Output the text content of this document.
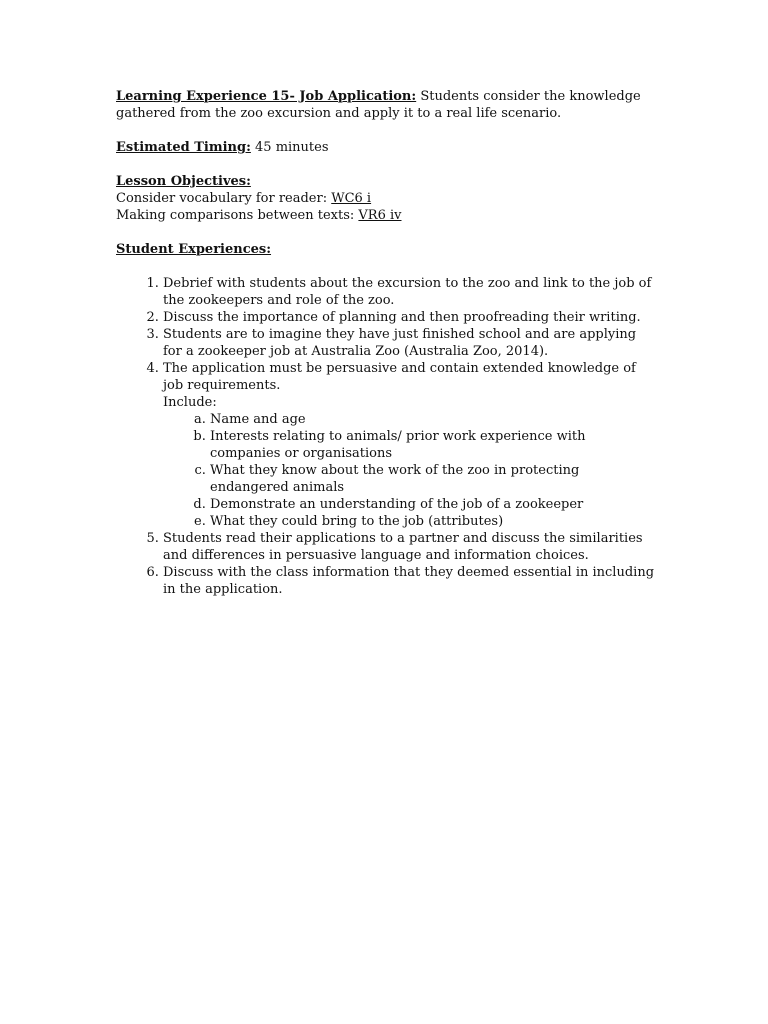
Learning Experience 15- Job Application: Students consider the knowledge gathered from the zoo excursion and apply it to a real life scenario.

Estimated Timing: 45 minutes

Lesson Objectives:

Consider vocabulary for reader: WC6 i

Making comparisons between texts: VR6 iv

Student Experiences:

1. Debrief with students about the excursion to the zoo and link to the job of the zookeepers and role of the zoo.
2. Discuss the importance of planning and then proofreading their writing.
3. Students are to imagine they have just finished school and are applying for a zookeeper job at Australia Zoo (Australia Zoo, 2014).
4. The application must be persuasive and contain extended knowledge of job requirements.
Include:
a. Name and age
b. Interests relating to animals/ prior work experience with companies or organisations
c. What they know about the work of the zoo in protecting endangered animals
d. Demonstrate an understanding of the job of a zookeeper
e. What they could bring to the job (attributes)
5. Students read their applications to a partner and discuss the similarities and differences in persuasive language and information choices.
6. Discuss with the class information that they deemed essential in including in the application.
